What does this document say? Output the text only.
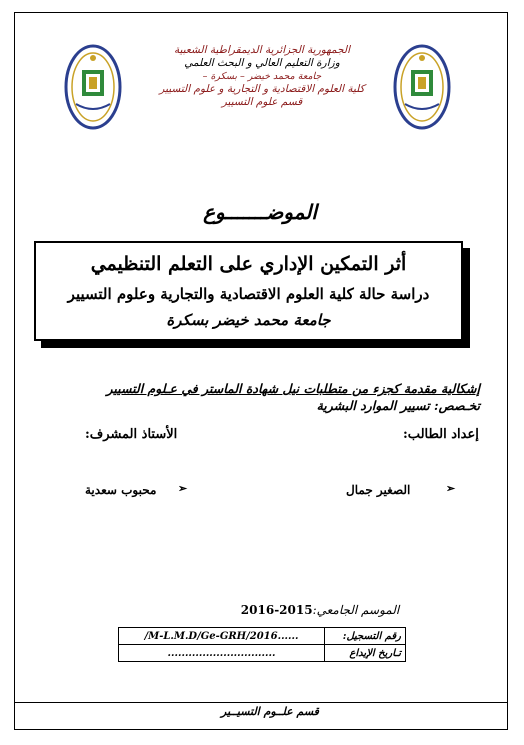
الجمهورية الجزائرية الديمقراطية الشعبية
وزارة التعليم العالي و البحث العلمي
جامعة محمد خيضر – بسكرة –
كلية العلوم الاقتصادية و التجارية و علوم التسيير
قسم علوم التسيير
الموضـــــــوع
أثر التمكين الإداري على التعلم التنظيمي
دراسة حالة كلية العلوم الاقتصادية والتجارية وعلوم التسيير
جامعة محمد خيضر بسكرة
إشكالية مقدمة كجزء من متطلبات نيل شهادة الماستر في عـلوم التسيير
تخـصص: تسيير الموارد البشرية
إعداد الطالب:
الأستاذ المشرف:
➢
الصغير جمال
➢
محبوب سعدية
الموسم الجامعي:2015-2016
رقم التسجيل:	/M-L.M.D/Ge-GRH/2016......
تـاريخ الإيداع	...............................
قسم علــوم التسيــير
